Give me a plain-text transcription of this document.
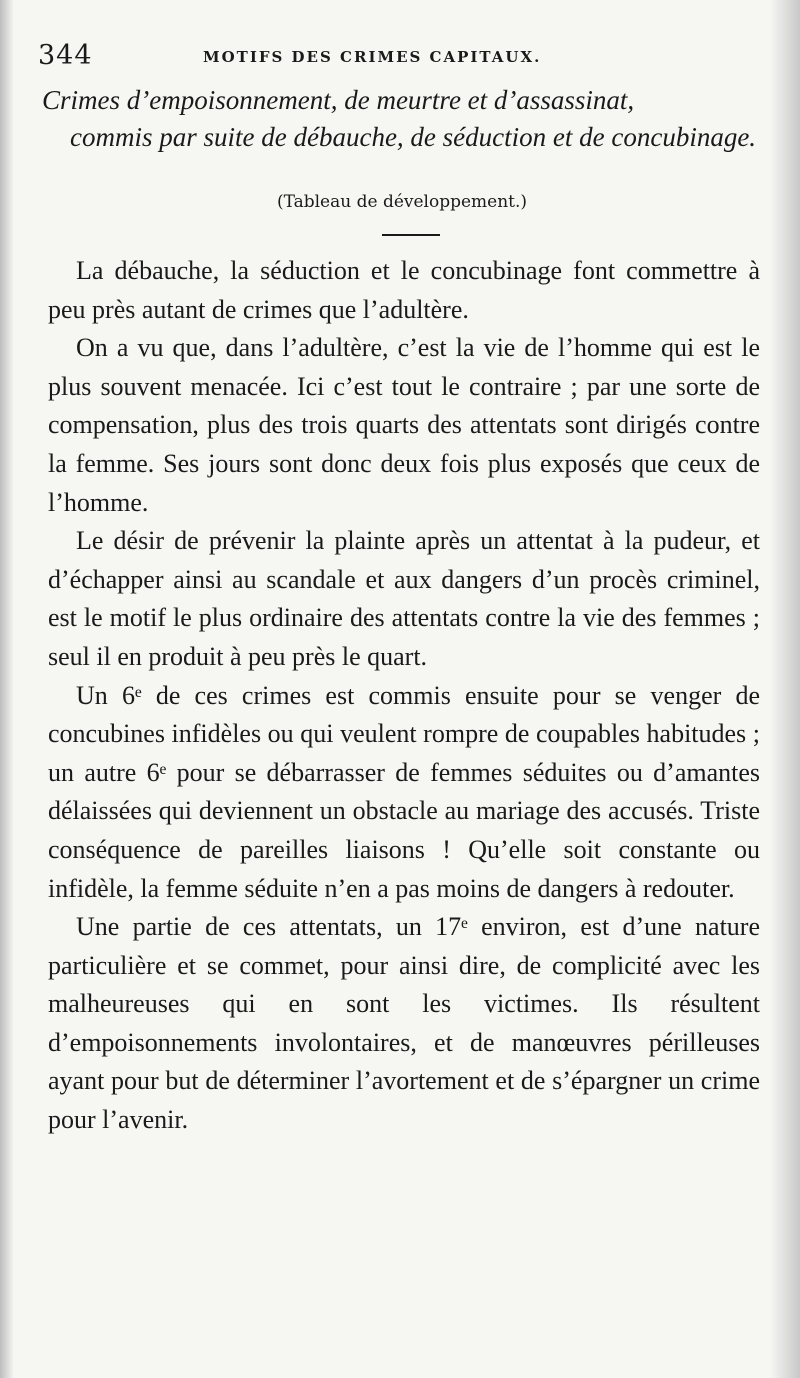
344	MOTIFS DES CRIMES CAPITAUX.
Crimes d’empoisonnement, de meurtre et d’assassinat,
commis par suite de débauche, de séduction et de concubinage.
(Tableau de développement.)

La débauche, la séduction et le concubinage font commettre à peu près autant de crimes que l’adultère.

On a vu que, dans l’adultère, c’est la vie de l’homme qui est le plus souvent menacée. Ici c’est tout le contraire ; par une sorte de compensation, plus des trois quarts des attentats sont dirigés contre la femme. Ses jours sont donc deux fois plus exposés que ceux de l’homme.

Le désir de prévenir la plainte après un attentat à la pudeur, et d’échapper ainsi au scandale et aux dangers d’un procès criminel, est le motif le plus ordinaire des attentats contre la vie des femmes ; seul il en produit à peu près le quart.

Un 6ᵉ de ces crimes est commis ensuite pour se venger de concubines infidèles ou qui veulent rompre de coupables habitudes ; un autre 6ᵉ pour se débarrasser de femmes séduites ou d’amantes délaissées qui deviennent un obstacle au mariage des accusés. Triste conséquence de pareilles liaisons ! Qu’elle soit constante ou infidèle, la femme séduite n’en a pas moins de dangers à redouter.

Une partie de ces attentats, un 17ᵉ environ, est d’une nature particulière et se commet, pour ainsi dire, de complicité avec les malheureuses qui en sont les victimes. Ils résultent d’empoisonnements involontaires, et de manœuvres périlleuses ayant pour but de déterminer l’avortement et de s’épargner un crime pour l’avenir.
